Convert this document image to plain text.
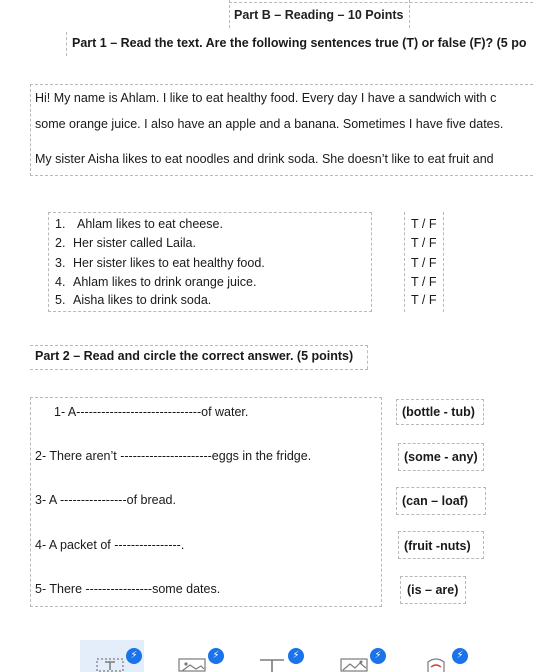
Part B – Reading – 10 Points
Part 1 – Read the text. Are the following sentences true (T) or false (F)? (5 po
Hi! My name is Ahlam. I like to eat healthy food. Every day I have a sandwich with c
some orange juice. I also have an apple and a banana. Sometimes I have five dates.
My sister Aisha likes to eat noodles and drink soda. She doesn’t like to eat fruit and
1. Ahlam likes to eat cheese.	T / F
2. Her sister called Laila.	T / F
3. Her sister likes to eat healthy food.	T / F
4. Ahlam likes to drink orange juice.	T / F
5. Aisha likes to drink soda.	T / F
Part 2 – Read and circle the correct answer. (5 points)
1- A------------------------------of water.	(bottle - tub)
2- There aren’t ----------------------eggs in the fridge.	(some - any)
3- A ----------------of bread.	(can – loaf)
4- A packet of ----------------.	(fruit -nuts)
5- There ----------------some dates.	(is – are)
⚡	⚡	⚡	⚡	⚡
